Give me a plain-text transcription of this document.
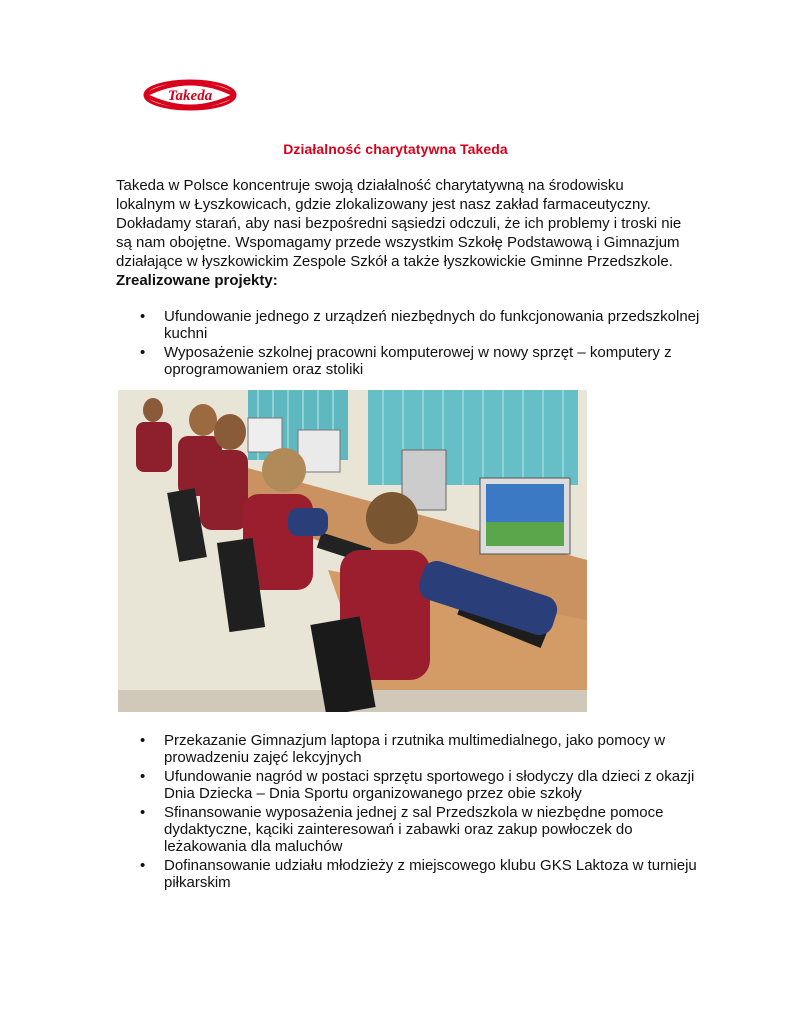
Takeda
Działalność charytatywna Takeda

Takeda w Polsce koncentruje swoją działalność charytatywną na środowisku lokalnym w Łyszkowicach, gdzie zlokalizowany jest nasz zakład farmaceutyczny. Dokładamy starań, aby nasi bezpośredni sąsiedzi odczuli, że ich problemy i troski nie są nam obojętne. Wspomagamy przede wszystkim Szkołę Podstawową i Gimnazjum działające w łyszkowickim Zespole Szkół a także łyszkowickie Gminne Przedszkole.

Zrealizowane projekty:

• Ufundowanie jednego z urządzeń niezbędnych do funkcjonowania przedszkolnej kuchni
• Wyposażenie szkolnej pracowni komputerowej w nowy sprzęt – komputery z oprogramowaniem oraz stoliki
• Przekazanie Gimnazjum laptopa i rzutnika multimedialnego, jako pomocy w prowadzeniu zajęć lekcyjnych
• Ufundowanie nagród w postaci sprzętu sportowego i słodyczy dla dzieci z okazji Dnia Dziecka – Dnia Sportu organizowanego przez obie szkoły
• Sfinansowanie wyposażenia jednej z sal Przedszkola w niezbędne pomoce dydaktyczne, kąciki zainteresowań i zabawki oraz zakup powłoczek do leżakowania dla maluchów
• Dofinansowanie udziału młodzieży z miejscowego klubu GKS Laktoza w turnieju piłkarskim
